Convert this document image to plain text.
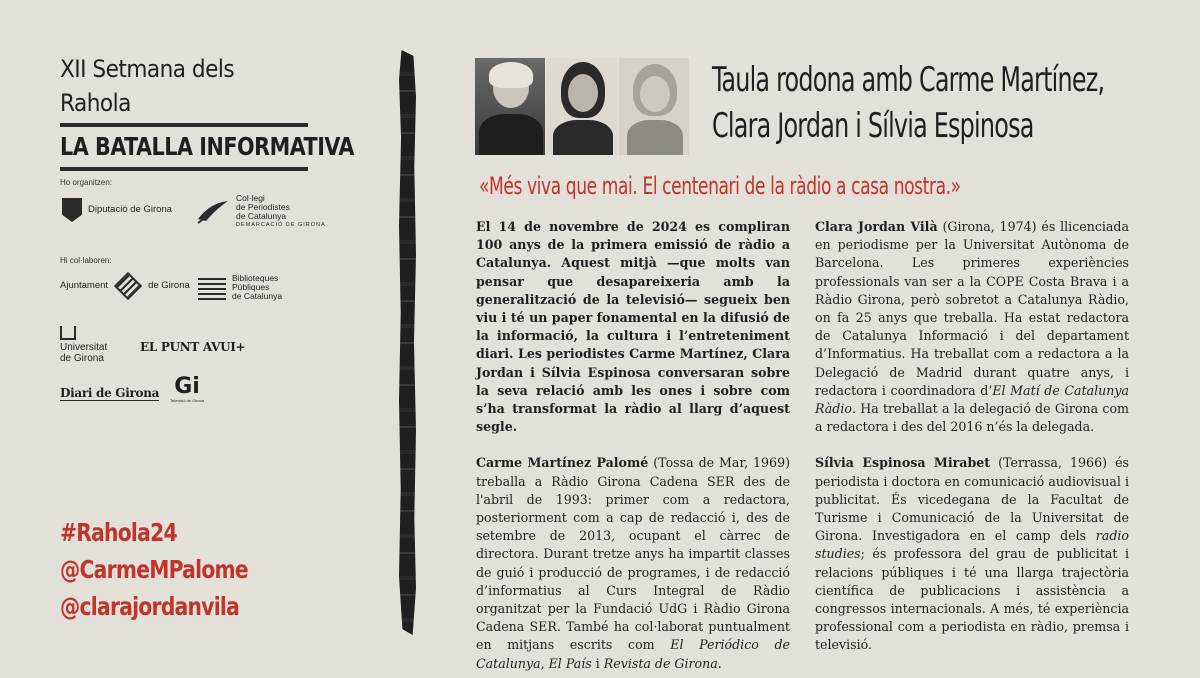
XII Setmana dels Rahola
LA BATALLA INFORMATIVA
Ho organitzen:
Diputació de Girona
Col·legi
de Periodistes
de Catalunya
DEMARCACIÓ DE GIRONA
Hi col·laboren:
Ajuntament	de Girona
Biblioteques
Públiques
de Catalunya
Universitat
de Girona
EL PUNT AVUI+
Diari de Girona Gi
Televisió de Girona
#Rahola24
@CarmeMPalome
@clarajordanvila
Taula rodona amb Carme Martínez,
Clara Jordan i Sílvia Espinosa
«Més viva que mai. El centenari de la ràdio a casa nostra.»

El 14 de novembre de 2024 es compliran 100 anys de la primera emissió de ràdio a Catalunya. Aquest mitjà —que molts van pensar que desapareixeria amb la generalització de la televisió— segueix ben viu i té un paper fonamental en la difusió de la informació, la cultura i l’entreteniment diari. Les periodistes Carme Martínez, Clara Jordan i Sílvia Espinosa conversaran sobre la seva relació amb les ones i sobre com s’ha transformat la ràdio al llarg d’aquest segle.

Carme Martínez Palomé (Tossa de Mar, 1969) treballa a Ràdio Girona Cadena SER des de l'abril de 1993: primer com a redactora, posteriorment com a cap de redacció i, des de setembre de 2013, ocupant el càrrec de directora. Durant tretze anys ha impartit classes de guió i producció de programes, i de redacció d’informatius al Curs Integral de Ràdio organitzat per la Fundació UdG i Ràdio Girona Cadena SER. També ha col·laborat puntualment en mitjans escrits com El Periódico de Catalunya, El País i Revista de Girona.

Clara Jordan Vilà (Girona, 1974) és llicenciada en periodisme per la Universitat Autònoma de Barcelona. Les primeres experiències professionals van ser a la COPE Costa Brava i a Ràdio Girona, però sobretot a Catalunya Ràdio, on fa 25 anys que treballa. Ha estat redactora de Catalunya Informació i del departament d’Informatius. Ha treballat com a redactora a la Delegació de Madrid durant quatre anys, i redactora i coordinadora d’El Matí de Catalunya Ràdio. Ha treballat a la delegació de Girona com a redactora i des del 2016 n’és la delegada.

Sílvia Espinosa Mirabet (Terrassa, 1966) és periodista i doctora en comunicació audiovisual i publicitat. És vicedegana de la Facultat de Turisme i Comunicació de la Universitat de Girona. Investigadora en el camp dels radio studies; és professora del grau de publicitat i relacions públiques i té una llarga trajectòria científica de publicacions i assistència a congressos internacionals. A més, té experiència professional com a periodista en ràdio, premsa i televisió.
